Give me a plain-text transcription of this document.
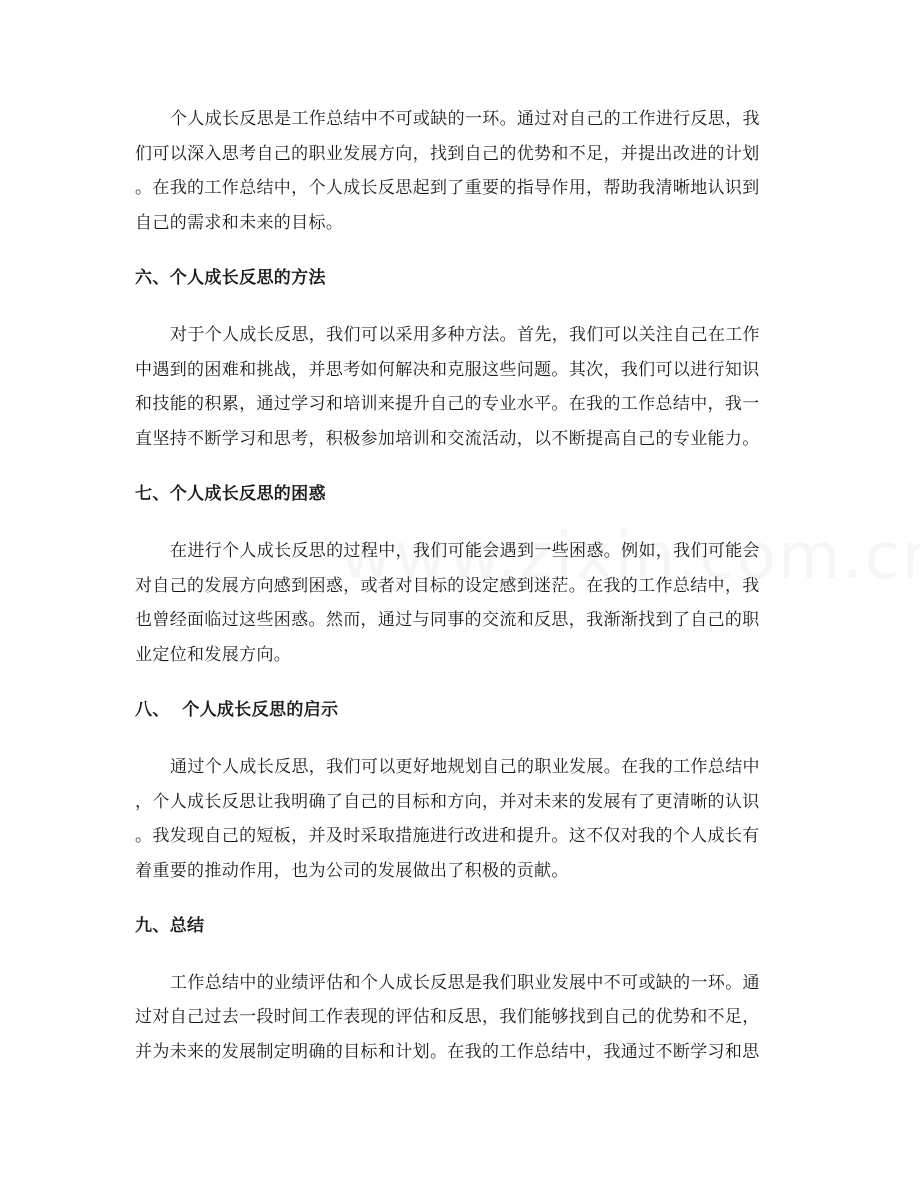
个人成长反思是工作总结中不可或缺的一环。通过对自己的工作进行反思，我
们可以深入思考自己的职业发展方向，找到自己的优势和不足，并提出改进的计划
。在我的工作总结中，个人成长反思起到了重要的指导作用，帮助我清晰地认识到
自己的需求和未来的目标。

六、个人成长反思的方法

对于个人成长反思，我们可以采用多种方法。首先，我们可以关注自己在工作
中遇到的困难和挑战，并思考如何解决和克服这些问题。其次，我们可以进行知识
和技能的积累，通过学习和培训来提升自己的专业水平。在我的工作总结中，我一
直坚持不断学习和思考，积极参加培训和交流活动，以不断提高自己的专业能力。

七、个人成长反思的困惑

在进行个人成长反思的过程中，我们可能会遇到一些困惑。例如，我们可能会
对自己的发展方向感到困惑，或者对目标的设定感到迷茫。在我的工作总结中，我
也曾经面临过这些困惑。然而，通过与同事的交流和反思，我渐渐找到了自己的职
业定位和发展方向。

八、  个人成长反思的启示

通过个人成长反思，我们可以更好地规划自己的职业发展。在我的工作总结中
，个人成长反思让我明确了自己的目标和方向，并对未来的发展有了更清晰的认识
。我发现自己的短板，并及时采取措施进行改进和提升。这不仅对我的个人成长有
着重要的推动作用，也为公司的发展做出了积极的贡献。

九、总结

工作总结中的业绩评估和个人成长反思是我们职业发展中不可或缺的一环。通
过对自己过去一段时间工作表现的评估和反思，我们能够找到自己的优势和不足，
并为未来的发展制定明确的目标和计划。在我的工作总结中，我通过不断学习和思
